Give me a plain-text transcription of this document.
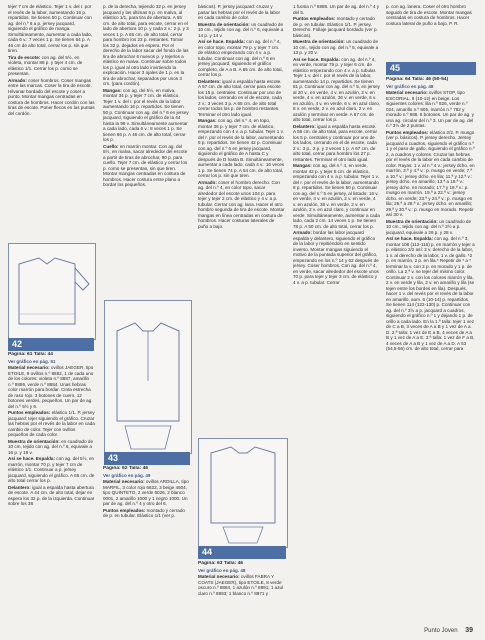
tejer 7 cm de elástico. Tejer 1 v. del r. por el revés de la labor, aumentando 16 p. repartidos. Se tienen 50 p. Continuar con ag. del n.º 6 a p. jersey jacquard, siguiendo el gráfico de manga. Simultáneamente, aumentar a cada lado, cada 6 v.: 7 veces 1 p. Se tienen 64 p. A 46 cm de alto total, cerrar los p. sin que tiren.

Tira de escote: con ag. del 5½, en violeta, montar 88 p. y tejer 4 cm. de elástico 1/1. Cerrar los p. como se presentan.

Armado: coser hombros. Coser mangas entre las marcas. Coser la tira de escote. Hilvanar bordado del escote y coser a punto. Montar mangas centradas en costura de hombros. Hacer cordón con las tiras de escote. Poner flecos en las puntas del cordón.

42

Página: 61 Talla: 44

Ver gráfico en pág. 51

Material necesario: ovillos JAEGER, tipo ETOILE, 9 ovillos n.º 8882, 1 de cada uno de los colores: violeta n.º 8887, amarillo n.º 8886, verde n.º 8884. Unas hebras color marrón para bordar. Cinta estrecha de raso rojo. 3 botones de cuero. 12 botones verdes, pequeños. Un par de ag. del n.º 5½ y 6.

Puntos empleados: elástico 1/1. P. jersey jacquard: tejer siguiendo el gráfico. Cruzar las hebras por el revés de la labor en cada cambio de color. Tejer con ovillos pequeños de cada color.

Muestra de orientación: en cuadrado de 10 cm, tejido con ag. del n.º 6, equivale a 16 p. y 19 v.

Así se hace. Espalda: con ag. del 5½, en marrón, montar 70 p. y tejer 7 cm de elástico 1/1. Continuar a p. jersey jacquard, siguiendo el gráfico. A 66 cm. de alto total cerrar los p.

Delantero: igual a espalda hasta abertura de escote. A 44 cm. de alto total, dejar en espera los 32 p. de la izquierda. Continuar sobre los 38

p. de la derecha, tejiendo 32 p. en jersey jacquard y las últimas 6 p. en malva, al elástico 1/1, para tira de abertura. A 55 cm. de alto total, para escote, cerrar en el lado de abertura 10 p. y cada 2 v.: 2 p. y 3 veces 1 p. A 66 cm. de alto total, cerrar para hombro los 23 p. restantes. Tomar los 32 p. dejados en espera. Por el derecho de la labor sacar del fondo de las tira de abrochar 6 nuevos p. y tejerlos a elástico en malva. Continuar sobre todos los p. igual al otro lado invirtiendo la explicación. Hacer 3 ojales de 1 p. en la tira de abrochar, separados por unos 3 cm. (para cordón).

Mangas: con ag. del 5½, en malva, montar 34 p. y tejer 7 cm. de elástico. Tejer 1 v. del r. por el revés de la labor aumentando 16 p. repartidos. Se tienen 50 p. Continuar con ag. del n.º 6 en jersey jacquard, siguiendo el gráfico de la 44 hasta la 99 v. Simultáneamente aumentar a cada lado, cada 6 v.: 8 veces 1 p. Se tienen 66 p. A 46 cm. de alto total, cerrar los p.

Cuello: en marrón montar. Con ag. del 5½, en malva, sacar alrededor del escote a partir de tiras de abrochar, 90 p. para cuello. Tejer 7 cm. de elástico y cerrar los p. como se presentan, sin que tiren. Montar mangas centradas en costura de hombros. Hacer costura entre plano a bordar los pequeños.

43

Página: 62 Talla: 46

Ver gráfico en pág. 49

Material necesario: ovillos ARDILLA, tipo MARFIL, 3 color rojo 6622, 3 beige 4604, tipo QUINTETO, 2 verde 6026, 2 blanco 0001, 2 amarillo 1000 y 1 negro 1000. Un par de ag. del n.º 4 y otro del 6.

Puntos empleados: montado y cerrado de p. en tubular. Elástico 1/1 (ver p.

básicos). P. jersey jacquard: cruzar y pasar las hebras por el revés de la labor en cada cambio de color.

Muestra de orientación: un cuadrado de 10 cm., tejido con ag. del n.º 6, equivale a 14 p. y 14 v.

Así se hace. Espalda: con ag. del n.º 4, en color topo, montar 79 p. y tejer 7 cm. de elástico empezando con 4 v. a p. tubular. Continuar con ag. del n.º 6 en jersey jacquard, siguiendo el gráfico completo, de A a B. A 65 cm. de alto total, cerrar los p.

Delantero: igual a espalda hasta escote. A 57 cm. de alto total, cerrar para escote los 15 p. centrales. Continuar por uno de los lados, cerrando en el de escote, cada 2 v.: 3 veces 3 p. A 65 cm. de alto total cerrar todos los p. de hombro restantes. Terminar el otro lado igual.

Mangas: con ag. del n.º 4, en topo, montar 36 p. y tejer 7 cm. de elástico, empezando con 4 v. a p. tubular. Tejer 1 v. del r. por el revés de la labor, aumentando 8 p. repartidos. Se tienen 42 p. Continuar con ag. del n.º 6 en jersey jacquard, siguiendo el gráfico de A hasta C y después de D hasta B. Simultáneamente, aumentar a cada lado, cada 4 v.: 16 veces 1 p. Se tienen 74 p. A 54 cm. de alto total, cerrar los p. sin que tiren.

Armado: coser el hombro derecho. Con ag. del n.º 4, en color topo, sacar alrededor del escote unos 104 p. para tejer y tejer 2 cm. de elástico y 4 v. a p. tubular. Cerrar con ag. lana. Hacer el otro hombro segunda de tira de escote. Montar mangas en línea centradas en costura de hombros. Hacer costuras laterales de puño a bajo.

44

Página: 63 Talla: 46

Ver gráfico en pág. 48

Material necesario: ovillos FABRA Y COATS (JAEGER), tipo ETOILE, 8 verde oscuro n.º 8884, 1 azulón n.º 8891; 1 azul claro n.º 8893; 1 blanco n.º 8871 y

1 fucsia n.º 8889. Un par de ag. del n.º 4 y del 5.

Puntos empleados: montado y cerrado de p. en tubular. Elástico 1/1. P. jersey. Derecho. Follaje jacquard bordado (ver p. básicos).

Muestra de orientación: un cuadrado de 10 cm., tejido con ag. del n.º 5, equivale a 13 p. y 20 v.

Así se hace. Espalda: con ag. del n.º 4, en verde, montar 79 p. y tejer 6 cm. de elástico empezando con 4 v. a p. tubular. Tejer 1 v. del r. por el revés de la labor, aumentando 14 p. repartidos. Se tienen 81 p. Continuar con ag. del n.º 5, en jersey al 20 v., en verde, 4 v. en azulón, 2 v. en verde, 4 v. en azulón, 36 v. en verde, 6 v. en azulón, 4 v. en verde, 6 v. en azul claro, 8 v. en verde, 2 v. en azul claro, 2 v. en azulón y terminar en verde. A 67 cm. de alto total, cerrar los p.

Delantero: igual a espalda hasta escote. A 56 cm. de alto total, para escote, cerrar los 5 p. centrales y continuar por uno de los lados, cerrando en el de escote, cada 2 v.: 3 p., 2 p. y 2 veces 1 p. A 67 cm. de alto total, cerrar para hombro los 27 p. restantes. Terminar el otro lado igual.

Mangas: con ag. del n.º 4, en verde, montar 42 p. y tejer 5 cm. de elástico, empezando con 4 v. a p. tubular. Tejer 1 v. del r. por el revés de la labor, aumentando 8 p. repartidos. Se tienen 50 p. Continuar con ag. del n.º 5 en jersey, al listado: 16 v. en verde, 4 v. en azulón, 2 v. en verde, 4 v. en azulón, 38 v. en verde, 2 v. en azulón, 2 v. en azul claro, y continuar en verde. Simultáneamente, aumentar a cada lado, cada 2 cm. 14 veces 1 p. Se tienen 78 p. A 50 cm. de alto total, cerrar los p.

Armado: bordar las labor jacquard espalda y delantero, siguiendo el gráfico de la labor y repitiéndolo en sentido inverso. Montar mangas siguiendo el motivo de la puntada superior del gráfico, empezando en los n.º 14 y 62 después de jersey. Coser hombros. Con ag. del n.º 4, en verde, sacar alrededor del escote unos 70 p. para tejer y tejer 3 cm. de elástico y 4 v. a p. tubular. Cerrar

p. con ag. lanera. Coser el otro hombro seguido de tira de escote. Montar mangas centradas en costura de hombros. Hacer costura lateral de puño a bajo. P. R.

45

Página: 64 Talla: 46 (50-54)

Ver gráfico en pág. 48

Material necesario: ovillos STOP, tipo ESCORIAL, 9 (10-12) en beige. Los siguientes colores: lila n.º 826, verde n.º 024, amarillo n.º 905, marrón n.º 782 y morado n.º 688. 6 botones. Un par de ag. y una ag. circular del n.º 3. Un par de ag. del n.º 3½ de 2 puntas.

Puntos empleados: elástico 2/2. P. musgo (ver p. básicos). P. jersey derecho. Jersey jacquard a cuadros, siguiendo el gráfico n.º 1 y el paso de gallo, siguiendo el gráfico n.º 2, a cuadros y colores. Cruzar las hebras por el revés de la labor en cada cambio de color. Rayas: 1 v. al n.º 4 v.: jersey dcho. en marrón, 3.ª y 4.ª v.: p. musgo en verde; 7.ª a 10.ª v.: jersey dcho. en lila; 11.ª y 12.ª v.: jersey dcho. en amarillo; 13.ª a 16.ª v.: jersey dcho. en morado; 17.ª y 18.ª v.: p. musgo en marrón. 19.ª a 22.ª v.: jersey dcho. en verde; 23.ª y 24.ª v.: p. musgo en lila; 25.ª a 28.ª v.: jersey dcho. en amarillo; 29.ª y 30.ª v.: p. musgo en morado. Repetir así 30 v.

Muestra de orientación: un cuadrado de 10 cm., tejido con ag. del n.º 3½ a p. jacquard, equivale a 26 p. y 28 v.

Así se hace. Espalda: con ag. del n.º 3, montar 108 (112-116) p. en marrón y tejer a p. elástico 2/2 así: 2 v. derecho de la labor, 1 v. al derecho de la labor, 1 v. de gallo. *2 p. en marrón, 2 p. en lila.* Repetir de * a * terminar la v. con 2 p. en morado y 1 p. de orillo. La 2.ª v. se tejer del mismo color. Continuar 2 v. con los colores marrón y lila, 2 v. en verde y lila, 2 v. en amarillo y lila (se tejen entre los bordes en lila). Después, hacer 1 v. del revés por el revés de la labor en amarillo, aum. 6 (10-14) p. repartidos. Se tienen 114 (122-130) p. Continuar con ag. del n.º 3½ a p. jacquard a cuadros, siguiendo el gráfico n.º 1 y dejando 1 p. de orillo a cada lado. En la 1.ª talla: tejer 1 vez de C a B, 3 veces de A a B y 1 vez de A a D. 2.ª talla: 1 vez de E a B, 4 veces de A a B y 1 vez de A a E. 3.ª talla: 1 vez de F a B, 4 veces de A a B y 1 vez de A a D. A 53 (54,5-56) cm. de alto total, cerrar para

Punto Joven 39
